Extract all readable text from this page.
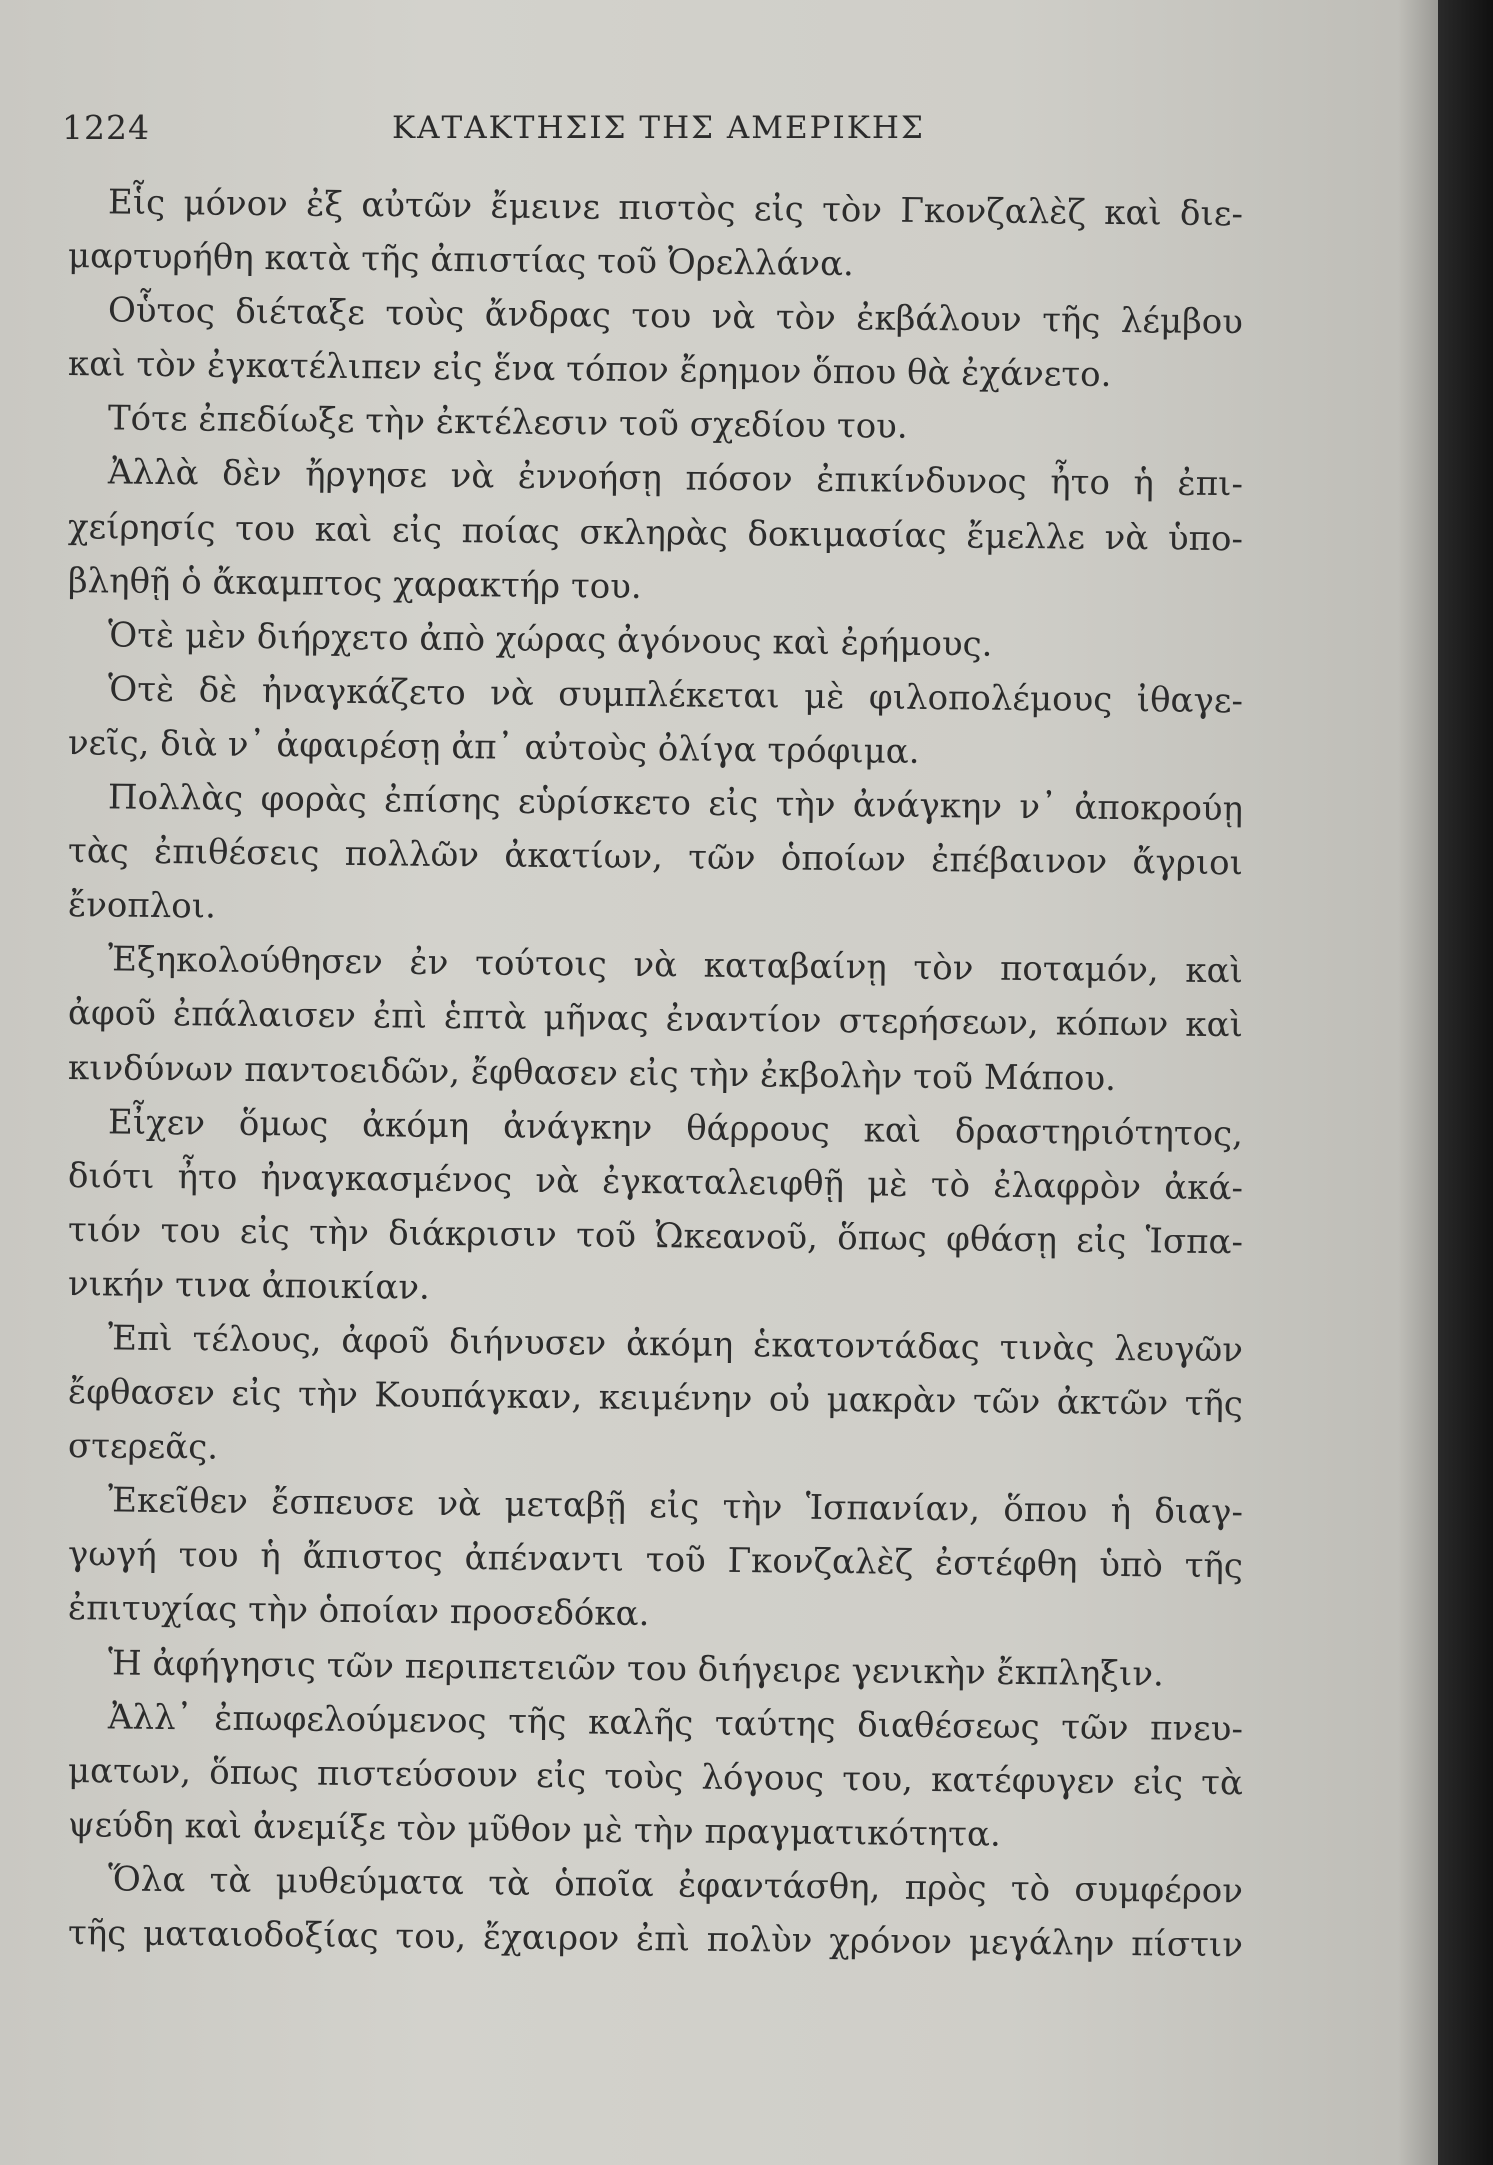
1224	ΚΑΤΑΚΤΗΣΙΣ ΤΗΣ ΑΜΕΡΙΚΗΣ
Εἷς μόνον ἐξ αὐτῶν ἔμεινε πιστὸς εἰς τὸν Γκονζαλὲζ καὶ διε-
μαρτυρήθη κατὰ τῆς ἀπιστίας τοῦ Ὀρελλάνα.
Οὗτος διέταξε τοὺς ἄνδρας του νὰ τὸν ἐκβάλουν τῆς λέμβου
καὶ τὸν ἐγκατέλιπεν εἰς ἕνα τόπον ἔρημον ὅπου θὰ ἐχάνετο.
Τότε ἐπεδίωξε τὴν ἐκτέλεσιν τοῦ σχεδίου του.
Ἀλλὰ δὲν ἤργησε νὰ ἐννοήσῃ πόσον ἐπικίνδυνος ἦτο ἡ ἐπι-
χείρησίς του καὶ εἰς ποίας σκληρὰς δοκιμασίας ἔμελλε νὰ ὑπο-
βληθῇ ὁ ἄκαμπτος χαρακτήρ του.
Ὁτὲ μὲν διήρχετο ἀπὸ χώρας ἀγόνους καὶ ἐρήμους.
Ὁτὲ δὲ ἠναγκάζετο νὰ συμπλέκεται μὲ φιλοπολέμους ἰθαγε-
νεῖς, διὰ ν᾽ ἀφαιρέσῃ ἀπ᾽ αὐτοὺς ὀλίγα τρόφιμα.
Πολλὰς φορὰς ἐπίσης εὑρίσκετο εἰς τὴν ἀνάγκην ν᾽ ἀποκρούῃ
τὰς ἐπιθέσεις πολλῶν ἀκατίων, τῶν ὁποίων ἐπέβαινον ἄγριοι
ἔνοπλοι.
Ἐξηκολούθησεν ἐν τούτοις νὰ καταβαίνῃ τὸν ποταμόν, καὶ
ἀφοῦ ἐπάλαισεν ἐπὶ ἑπτὰ μῆνας ἐναντίον στερήσεων, κόπων καὶ
κινδύνων παντοειδῶν, ἔφθασεν εἰς τὴν ἐκβολὴν τοῦ Μάπου.
Εἶχεν ὅμως ἀκόμη ἀνάγκην θάρρους καὶ δραστηριότητος,
διότι ἦτο ἠναγκασμένος νὰ ἐγκαταλειφθῇ μὲ τὸ ἐλαφρὸν ἀκά-
τιόν του εἰς τὴν διάκρισιν τοῦ Ὠκεανοῦ, ὅπως φθάσῃ εἰς Ἱσπα-
νικήν τινα ἀποικίαν.
Ἐπὶ τέλους, ἀφοῦ διήνυσεν ἀκόμη ἑκατοντάδας τινὰς λευγῶν
ἔφθασεν εἰς τὴν Κουπάγκαν, κειμένην οὐ μακρὰν τῶν ἀκτῶν τῆς
στερεᾶς.
Ἐκεῖθεν ἔσπευσε νὰ μεταβῇ εἰς τὴν Ἱσπανίαν, ὅπου ἡ διαγ-
γωγή του ἡ ἄπιστος ἀπέναντι τοῦ Γκονζαλὲζ ἐστέφθη ὑπὸ τῆς
ἐπιτυχίας τὴν ὁποίαν προσεδόκα.
Ἡ ἀφήγησις τῶν περιπετειῶν του διήγειρε γενικὴν ἔκπληξιν.
Ἀλλ᾽ ἐπωφελούμενος τῆς καλῆς ταύτης διαθέσεως τῶν πνευ-
ματων, ὅπως πιστεύσουν εἰς τοὺς λόγους του, κατέφυγεν εἰς τὰ
ψεύδη καὶ ἀνεμίξε τὸν μῦθον μὲ τὴν πραγματικότητα.
Ὅλα τὰ μυθεύματα τὰ ὁποῖα ἐφαντάσθη, πρὸς τὸ συμφέρον
τῆς ματαιοδοξίας του, ἔχαιρον ἐπὶ πολὺν χρόνον μεγάλην πίστιν
